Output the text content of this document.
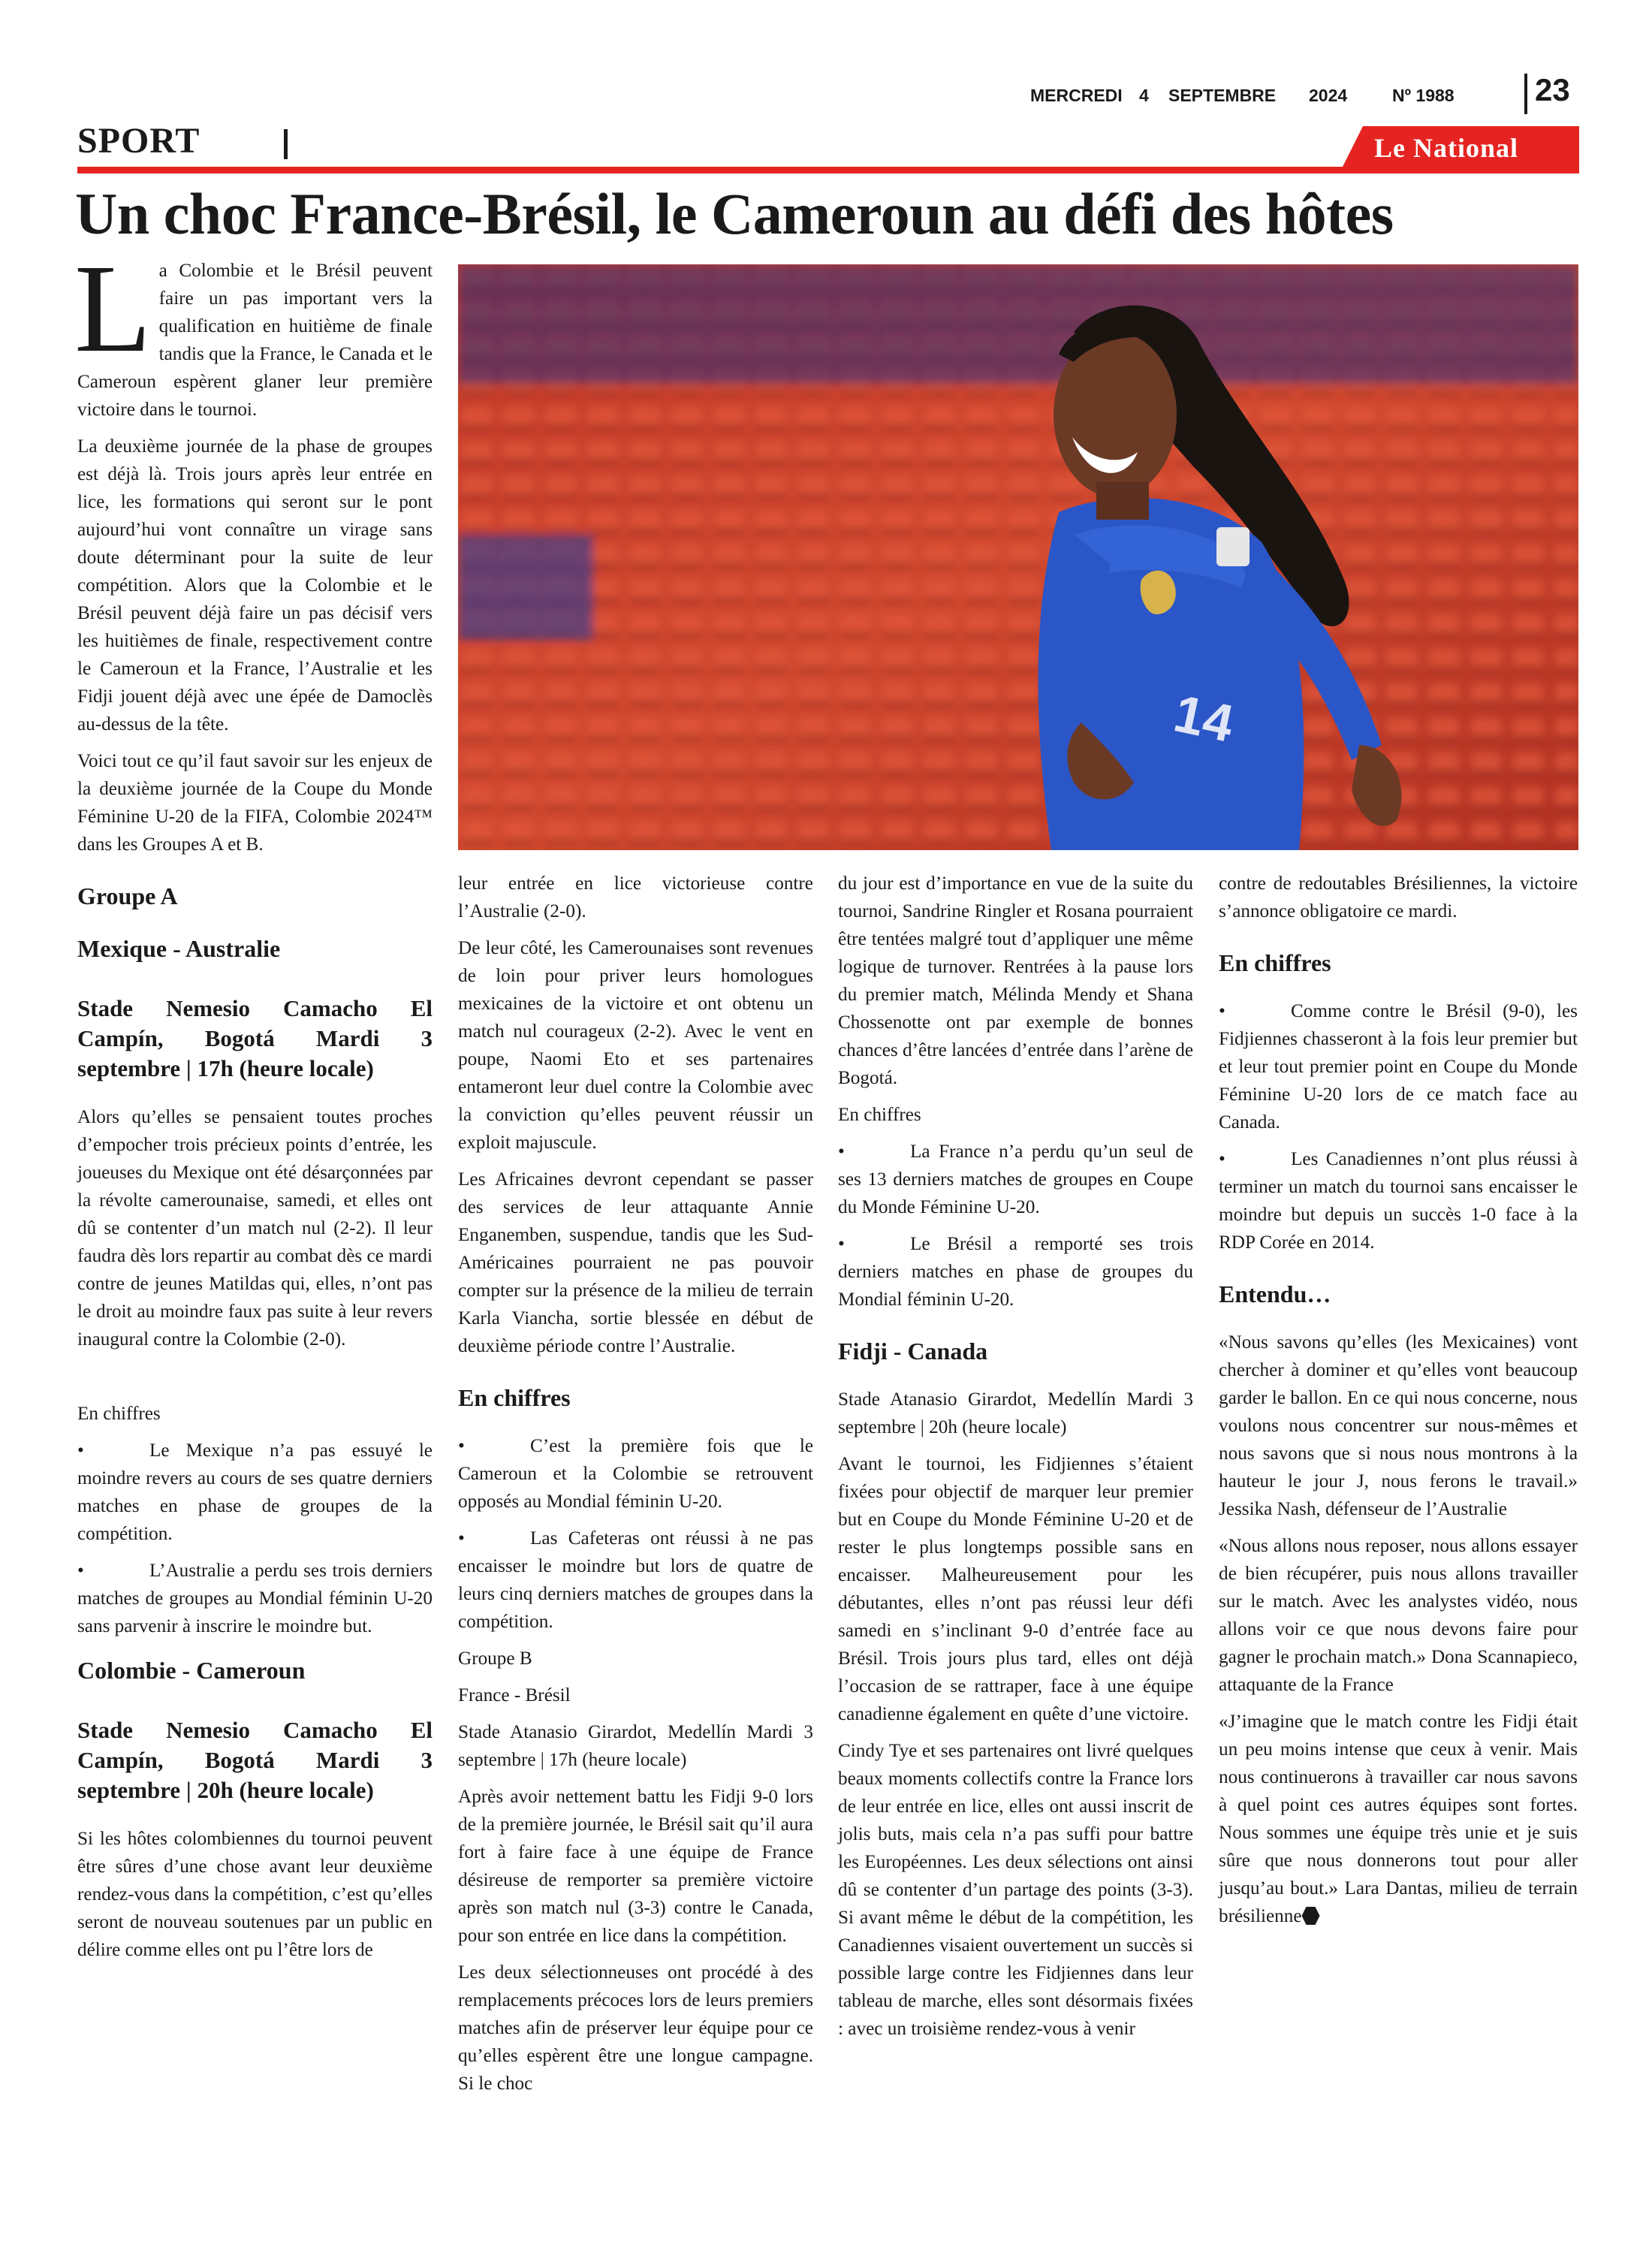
MERCREDI 4 SEPTEMBRE 2024	Nº 1988	23
SPORT	Le National
Un choc France-Brésil, le Cameroun au défi des hôtes
14

La Colombie et le Brésil peuvent faire un pas important vers la qualification en huitième de finale tandis que la France, le Canada et le Cameroun espèrent glaner leur première victoire dans le tournoi.

La deuxième journée de la phase de groupes est déjà là. Trois jours après leur entrée en lice, les formations qui seront sur le pont aujourd’hui vont connaître un virage sans doute déterminant pour la suite de leur compétition. Alors que la Colombie et le Brésil peuvent déjà faire un pas décisif vers les huitièmes de finale, respectivement contre le Cameroun et la France, l’Australie et les Fidji jouent déjà avec une épée de Damoclès au-dessus de la tête.

Voici tout ce qu’il faut savoir sur les enjeux de la deuxième journée de la Coupe du Monde Féminine U-20 de la FIFA, Colombie 2024™ dans les Groupes A et B.

Groupe A
Mexique - Australie
Stade Nemesio Camacho El Campín, Bogotá Mardi 3 septembre | 17h (heure locale)

Alors qu’elles se pensaient toutes proches d’empocher trois précieux points d’entrée, les joueuses du Mexique ont été désarçonnées par la révolte camerounaise, samedi, et elles ont dû se contenter d’un match nul (2-2). Il leur faudra dès lors repartir au combat dès ce mardi contre de jeunes Matildas qui, elles, n’ont pas le droit au moindre faux pas suite à leur revers inaugural contre la Colombie (2-0).

En chiffres

•	Le Mexique n’a pas essuyé le moindre revers au cours de ses quatre derniers matches en phase de groupes de la compétition.

•	L’Australie a perdu ses trois derniers matches de groupes au Mondial féminin U-20 sans parvenir à inscrire le moindre but.

Colombie - Cameroun
Stade Nemesio Camacho El Campín, Bogotá Mardi 3 septembre | 20h (heure locale)

Si les hôtes colombiennes du tournoi peuvent être sûres d’une chose avant leur deuxième rendez-vous dans la compétition, c’est qu’elles seront de nouveau soutenues par un public en délire comme elles ont pu l’être lors de

leur entrée en lice victorieuse contre l’Australie (2-0).

De leur côté, les Camerounaises sont revenues de loin pour priver leurs homologues mexicaines de la victoire et ont obtenu un match nul courageux (2-2). Avec le vent en poupe, Naomi Eto et ses partenaires entameront leur duel contre la Colombie avec la conviction qu’elles peuvent réussir un exploit majuscule.

Les Africaines devront cependant se passer des services de leur attaquante Annie Enganemben, suspendue, tandis que les Sud-Américaines pourraient ne pas pouvoir compter sur la présence de la milieu de terrain Karla Viancha, sortie blessée en début de deuxième période contre l’Australie.

En chiffres

•	C’est la première fois que le Cameroun et la Colombie se retrouvent opposés au Mondial féminin U-20.

•	Las Cafeteras ont réussi à ne pas encaisser le moindre but lors de quatre de leurs cinq derniers matches de groupes dans la compétition.

Groupe B

France - Brésil

Stade Atanasio Girardot, Medellín Mardi 3 septembre | 17h (heure locale)

Après avoir nettement battu les Fidji 9-0 lors de la première journée, le Brésil sait qu’il aura fort à faire face à une équipe de France désireuse de remporter sa première victoire après son match nul (3-3) contre le Canada, pour son entrée en lice dans la compétition.

Les deux sélectionneuses ont procédé à des remplacements précoces lors de leurs premiers matches afin de préserver leur équipe pour ce qu’elles espèrent être une longue campagne. Si le choc

du jour est d’importance en vue de la suite du tournoi, Sandrine Ringler et Rosana pourraient être tentées malgré tout d’appliquer une même logique de turnover. Rentrées à la pause lors du premier match, Mélinda Mendy et Shana Chossenotte ont par exemple de bonnes chances d’être lancées d’entrée dans l’arène de Bogotá.

En chiffres

•	La France n’a perdu qu’un seul de ses 13 derniers matches de groupes en Coupe du Monde Féminine U-20.

•	Le Brésil a remporté ses trois derniers matches en phase de groupes du Mondial féminin U-20.

Fidji - Canada

Stade Atanasio Girardot, Medellín Mardi 3 septembre | 20h (heure locale)

Avant le tournoi, les Fidjiennes s’étaient fixées pour objectif de marquer leur premier but en Coupe du Monde Féminine U-20 et de rester le plus longtemps possible sans en encaisser. Malheureusement pour les débutantes, elles n’ont pas réussi leur défi samedi en s’inclinant 9-0 d’entrée face au Brésil. Trois jours plus tard, elles ont déjà l’occasion de se rattraper, face à une équipe canadienne également en quête d’une victoire.

Cindy Tye et ses partenaires ont livré quelques beaux moments collectifs contre la France lors de leur entrée en lice, elles ont aussi inscrit de jolis buts, mais cela n’a pas suffi pour battre les Européennes. Les deux sélections ont ainsi dû se contenter d’un partage des points (3-3). Si avant même le début de la compétition, les Canadiennes visaient ouvertement un succès si possible large contre les Fidjiennes dans leur tableau de marche, elles sont désormais fixées : avec un troisième rendez-vous à venir

contre de redoutables Brésiliennes, la victoire s’annonce obligatoire ce mardi.

En chiffres

•	Comme contre le Brésil (9-0), les Fidjiennes chasseront à la fois leur premier but et leur tout premier point en Coupe du Monde Féminine U-20 lors de ce match face au Canada.

•	Les Canadiennes n’ont plus réussi à terminer un match du tournoi sans encaisser le moindre but depuis un succès 1-0 face à la RDP Corée en 2014.

Entendu…

«Nous savons qu’elles (les Mexicaines) vont chercher à dominer et qu’elles vont beaucoup garder le ballon. En ce qui nous concerne, nous voulons nous concentrer sur nous-mêmes et nous savons que si nous nous montrons à la hauteur le jour J, nous ferons le travail.» Jessika Nash, défenseur de l’Australie

«Nous allons nous reposer, nous allons essayer de bien récupérer, puis nous allons travailler sur le match. Avec les analystes vidéo, nous allons voir ce que nous devons faire pour gagner le prochain match.» Dona Scannapieco, attaquante de la France

«J’imagine que le match contre les Fidji était un peu moins intense que ceux à venir. Mais nous continuerons à travailler car nous savons à quel point ces autres équipes sont fortes. Nous sommes une équipe très unie et je suis sûre que nous donnerons tout pour aller jusqu’au bout.» Lara Dantas, milieu de terrain brésilienne
